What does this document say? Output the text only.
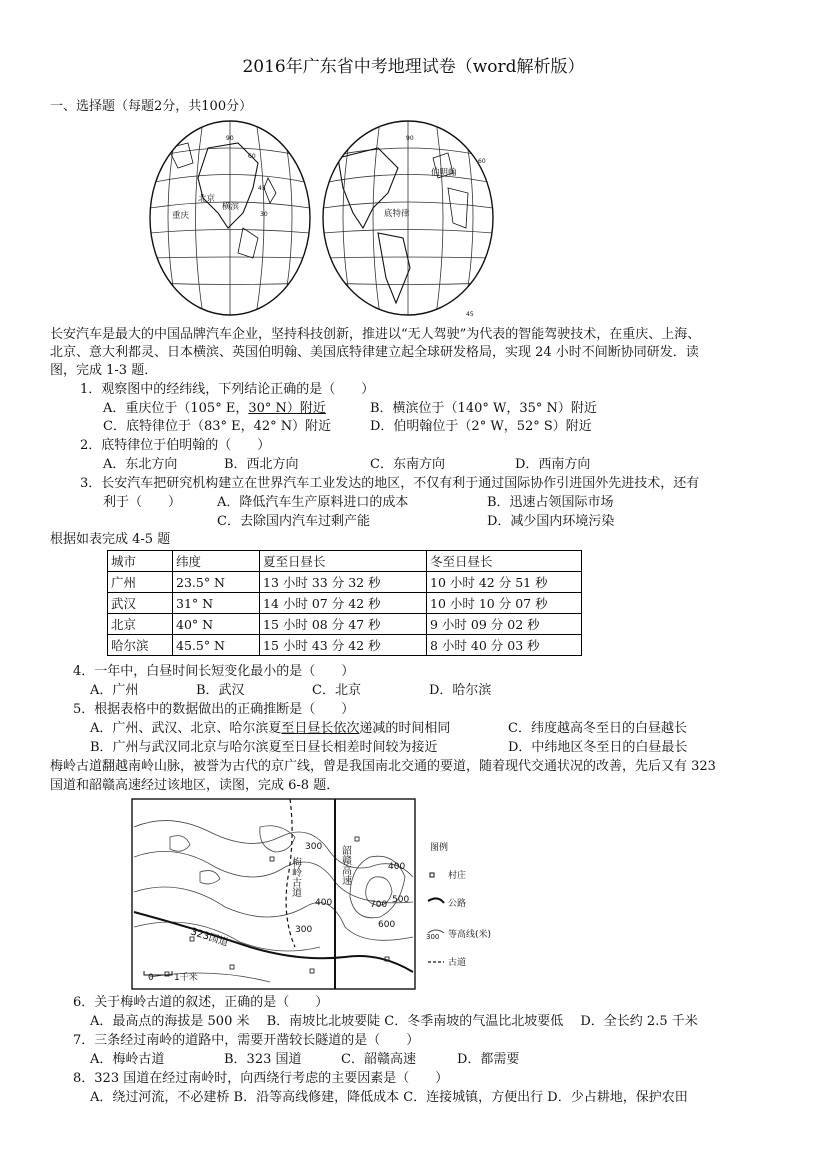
2016年广东省中考地理试卷（word解析版）
一、选择题（每题2分，共100分）
北京
横滨
重庆
60
45
30
90
伯明翰
底特律
45
60
90
长安汽车是最大的中国品牌汽车企业，坚持科技创新，推进以“无人驾驶”为代表的智能驾驶技术，在重庆、上海、
北京、意大利都灵、日本横滨、英国伯明翰、美国底特律建立起全球研发格局，实现 24 小时不间断协同研发．读
图，完成 1-3 题．
1．观察图中的经纬线，下列结论正确的是（　　）
A．重庆位于（105° E，30° N）附近	B．横滨位于（140° W，35° N）附近
C．底特律位于（83° E，42° N）附近	D．伯明翰位于（2° W，52° S）附近
2．底特律位于伯明翰的（　　）
A．东北方向	B．西北方向	C．东南方向	D．西南方向
3．长安汽车把研究机构建立在世界汽车工业发达的地区，不仅有利于通过国际协作引进国外先进技术，还有
利于（　　）	A．降低汽车生产原料进口的成本	B．迅速占领国际市场
C．去除国内汽车过剩产能	D．减少国内环境污染
根据如表完成 4-5 题
城市	纬度	夏至日昼长	冬至日昼长
广州	23.5° N	13 小时 33 分 32 秒	10 小时 42 分 51 秒
武汉	31° N	14 小时 07 分 42 秒	10 小时 10 分 07 秒
北京	40° N	15 小时 08 分 47 秒	9 小时 09 分 02 秒
哈尔滨	45.5° N	15 小时 43 分 42 秒	8 小时 40 分 03 秒
4．一年中，白昼时间长短变化最小的是（　　）
A．广州	B．武汉	C．北京	D．哈尔滨
5．根据表格中的数据做出的正确推断是（　　）
A．广州、武汉、北京、哈尔滨夏至日昼长依次递减的时间相同	C．纬度越高冬至日的白昼越长
B．广州与武汉同北京与哈尔滨夏至日昼长相差时间较为接近	D．中纬地区冬至日的白昼最长
梅岭古道翻越南岭山脉，被誉为古代的京广线，曾是我国南北交通的要道，随着现代交通状况的改善，先后又有 323
国道和韶赣高速经过该地区，读图，完成 6-8 题．
300
300
400
400
500
600
700
323国道
0 1千米
梅岭古道	韶赣高速	图例
村庄
公路
300 等高线(米)
古道
6．关于梅岭古道的叙述，正确的是（　　）
A．最高点的海拔是 500 米　 B．南坡比北坡要陡 C．冬季南坡的气温比北坡要低　 D．全长约 2.5 千米
7．三条经过南岭的道路中，需要开凿较长隧道的是（　　）
A．梅岭古道	B．323 国道	C．韶赣高速	D．都需要
8．323 国道在经过南岭时，向西绕行考虑的主要因素是（　　）
A．绕过河流，不必建桥 B．沿等高线修建，降低成本 C．连接城镇，方便出行 D．少占耕地，保护农田
